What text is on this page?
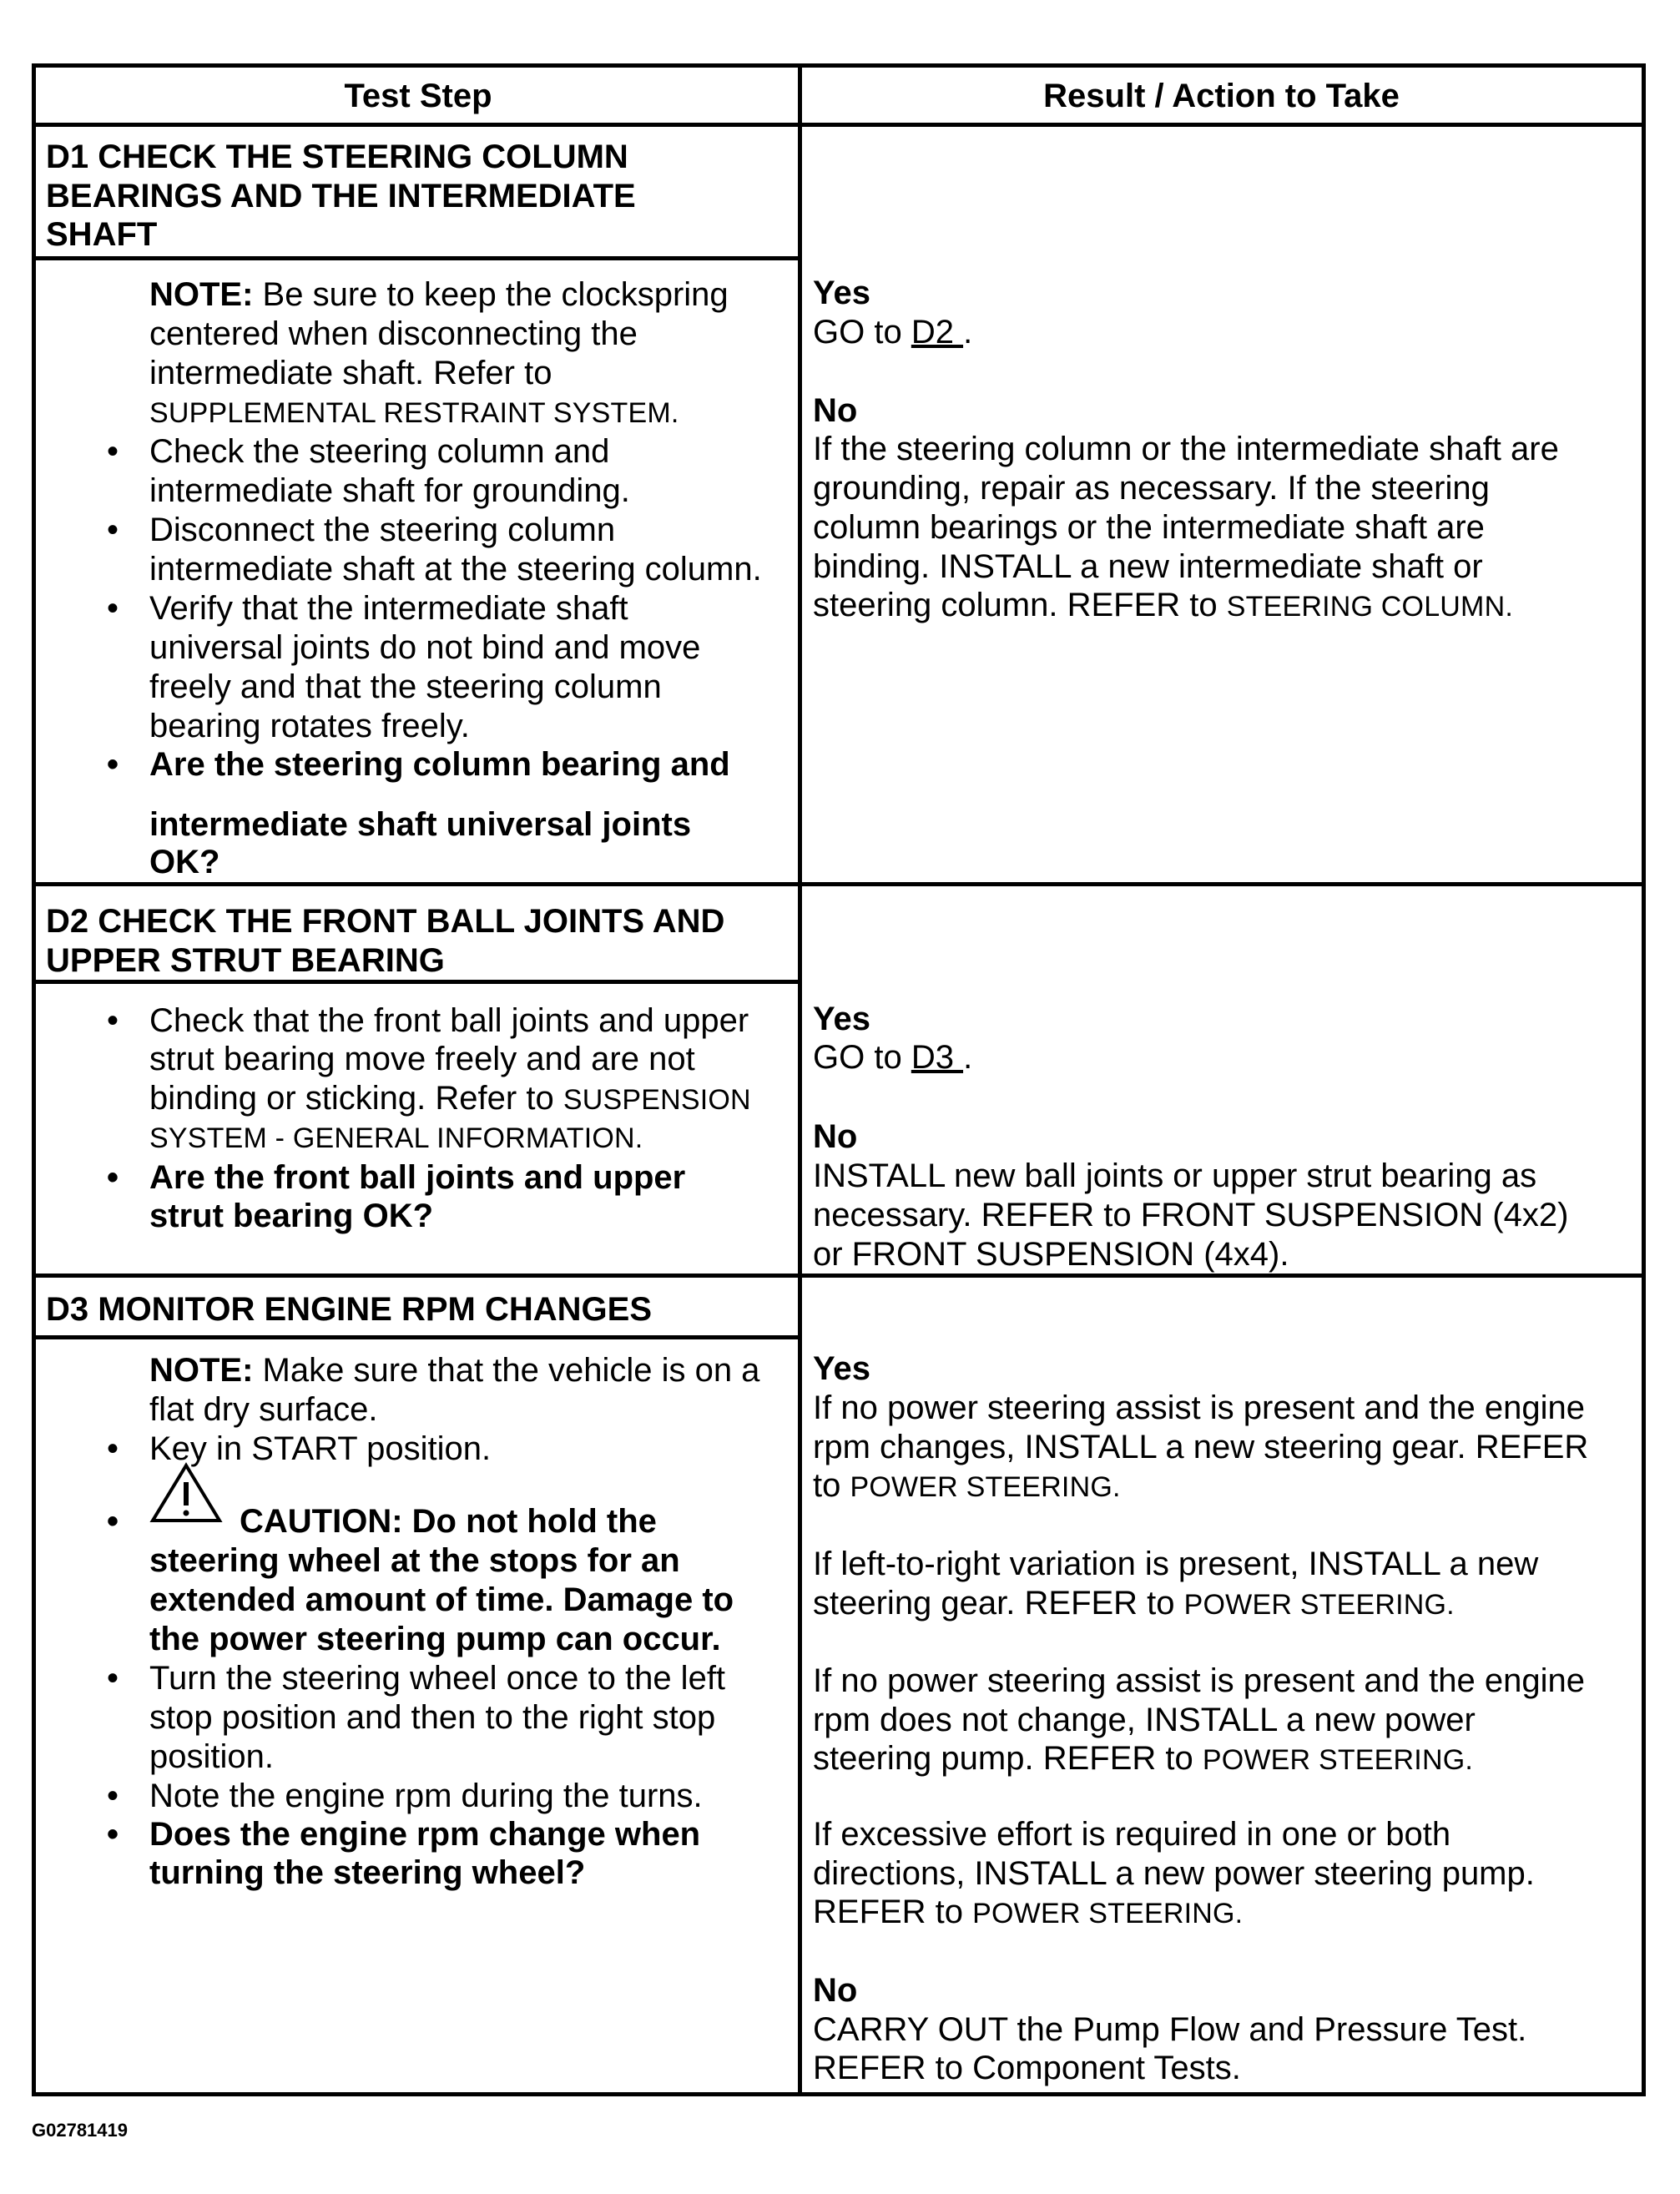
Test Step	Result / Action to Take
D1 CHECK THE STEERING COLUMN
BEARINGS AND THE INTERMEDIATE
SHAFT
NOTE: Be sure to keep the clockspring
centered when disconnecting the
intermediate shaft. Refer to
SUPPLEMENTAL RESTRAINT SYSTEM.
• Check the steering column and
intermediate shaft for grounding.
• Disconnect the steering column
intermediate shaft at the steering column.
• Verify that the intermediate shaft
universal joints do not bind and move
freely and that the steering column
bearing rotates freely.
• Are the steering column bearing and
intermediate shaft universal joints
OK?
Yes
GO to D2 .
No
If the steering column or the intermediate shaft are
grounding, repair as necessary. If the steering
column bearings or the intermediate shaft are
binding. INSTALL a new intermediate shaft or
steering column. REFER to STEERING COLUMN.
D2 CHECK THE FRONT BALL JOINTS AND
UPPER STRUT BEARING
• Check that the front ball joints and upper
strut bearing move freely and are not
binding or sticking. Refer to SUSPENSION
SYSTEM - GENERAL INFORMATION.
• Are the front ball joints and upper
strut bearing OK?
Yes
GO to D3 .
No
INSTALL new ball joints or upper strut bearing as
necessary. REFER to FRONT SUSPENSION (4x2)
or FRONT SUSPENSION (4x4).
D3 MONITOR ENGINE RPM CHANGES
NOTE: Make sure that the vehicle is on a
flat dry surface.
• Key in START position.
•	CAUTION: Do not hold the
steering wheel at the stops for an
extended amount of time. Damage to
the power steering pump can occur.
• Turn the steering wheel once to the left
stop position and then to the right stop
position.
• Note the engine rpm during the turns.
• Does the engine rpm change when
turning the steering wheel?
Yes
If no power steering assist is present and the engine
rpm changes, INSTALL a new steering gear. REFER
to POWER STEERING.
If left-to-right variation is present, INSTALL a new
steering gear. REFER to POWER STEERING.
If no power steering assist is present and the engine
rpm does not change, INSTALL a new power
steering pump. REFER to POWER STEERING.
If excessive effort is required in one or both
directions, INSTALL a new power steering pump.
REFER to POWER STEERING.
No
CARRY OUT the Pump Flow and Pressure Test.
REFER to Component Tests.
G02781419
